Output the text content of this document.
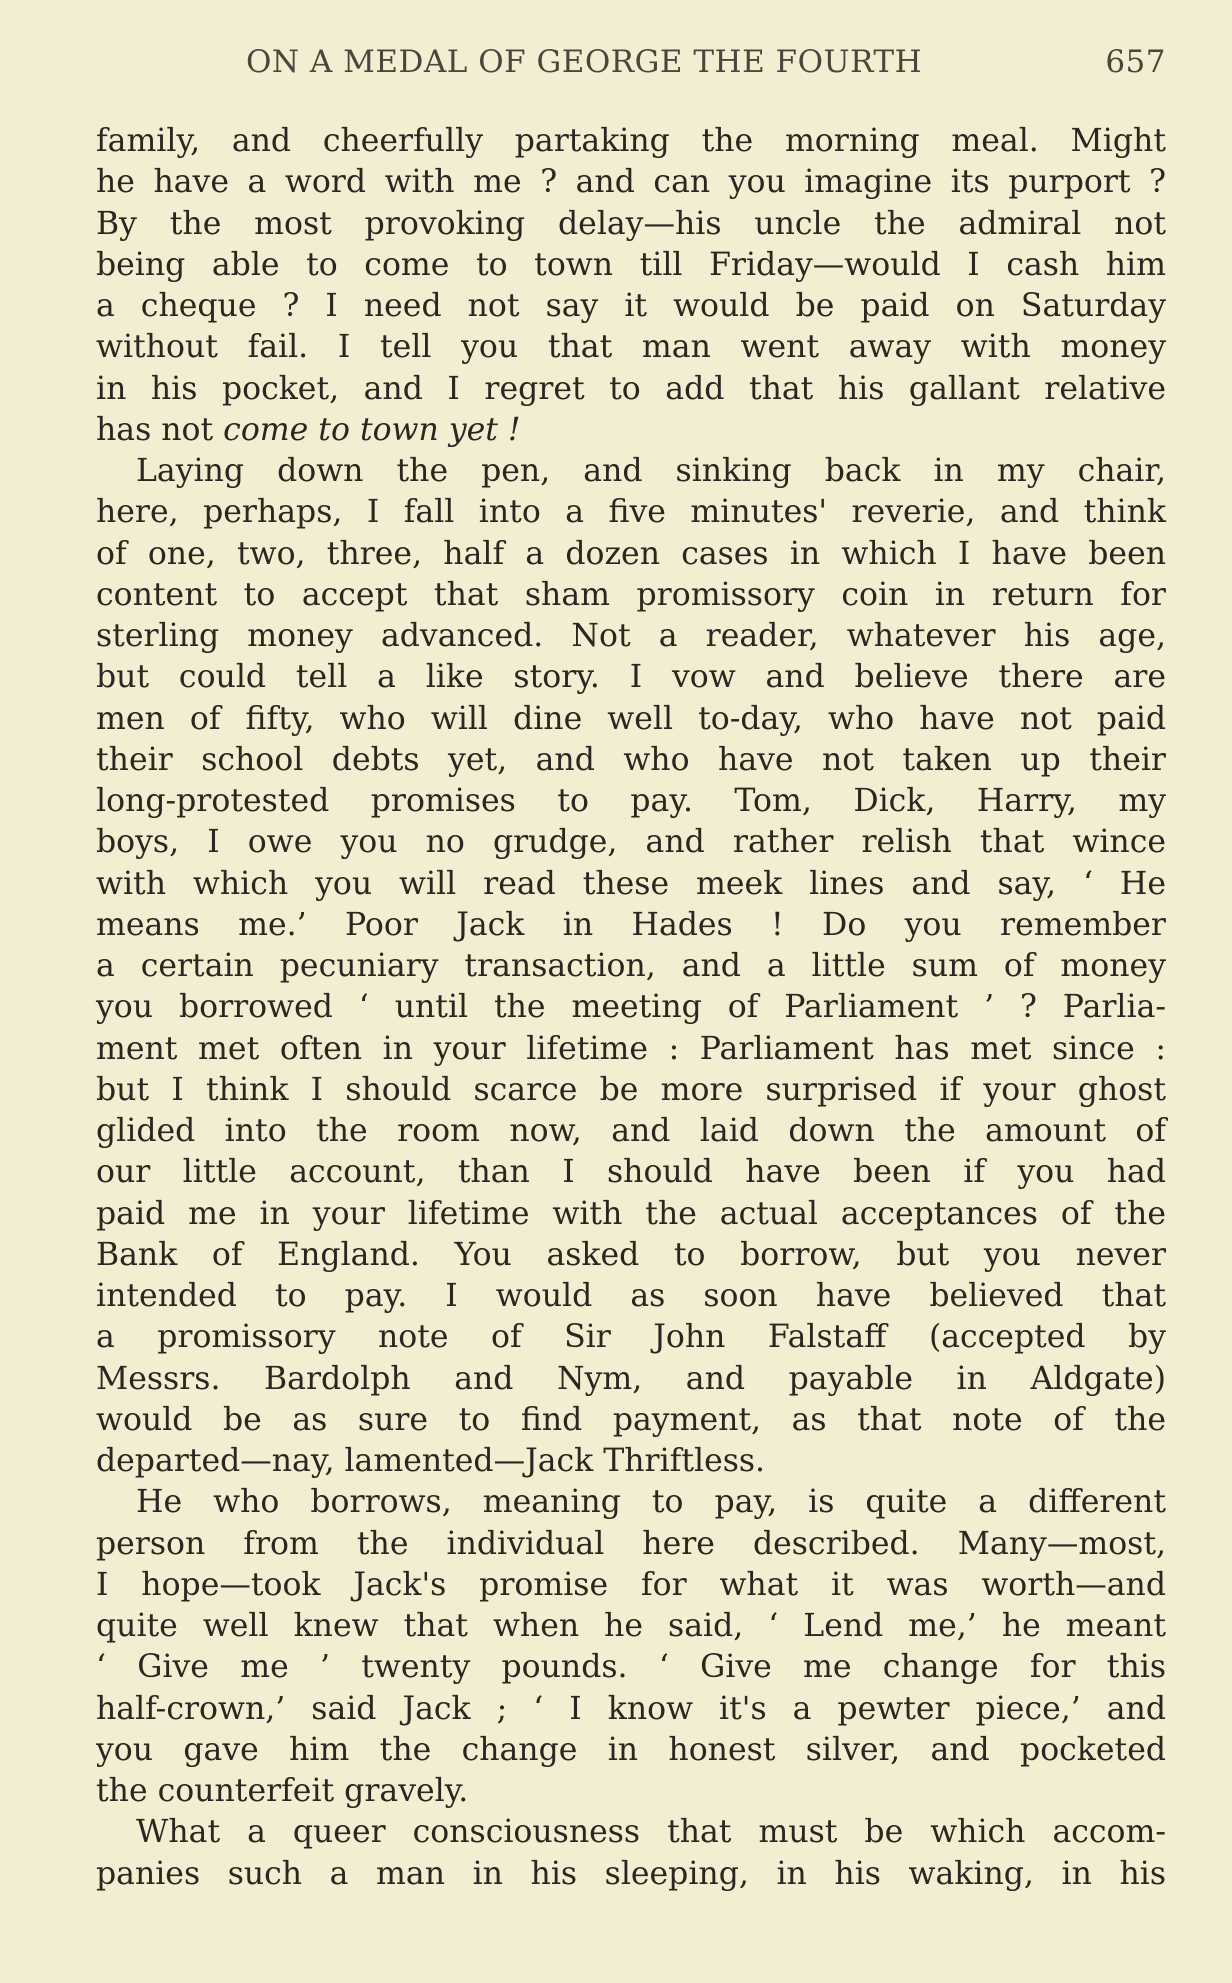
ON A MEDAL OF GEORGE THE FOURTH	657
family, and cheerfully partaking the morning meal. Might
he have a word with me ? and can you imagine its purport ?
By the most provoking delay—his uncle the admiral not
being able to come to town till Friday—would I cash him
a cheque ? I need not say it would be paid on Saturday
without fail. I tell you that man went away with money
in his pocket, and I regret to add that his gallant relative
has not come to town yet !
Laying down the pen, and sinking back in my chair,
here, perhaps, I fall into a five minutes' reverie, and think
of one, two, three, half a dozen cases in which I have been
content to accept that sham promissory coin in return for
sterling money advanced. Not a reader, whatever his age,
but could tell a like story. I vow and believe there are
men of fifty, who will dine well to-day, who have not paid
their school debts yet, and who have not taken up their
long-protested promises to pay. Tom, Dick, Harry, my
boys, I owe you no grudge, and rather relish that wince
with which you will read these meek lines and say, ‘ He
means me.’ Poor Jack in Hades ! Do you remember
a certain pecuniary transaction, and a little sum of money
you borrowed ‘ until the meeting of Parliament ’ ? Parlia-
ment met often in your lifetime : Parliament has met since :
but I think I should scarce be more surprised if your ghost
glided into the room now, and laid down the amount of
our little account, than I should have been if you had
paid me in your lifetime with the actual acceptances of the
Bank of England. You asked to borrow, but you never
intended to pay. I would as soon have believed that
a promissory note of Sir John Falstaff (accepted by
Messrs. Bardolph and Nym, and payable in Aldgate)
would be as sure to find payment, as that note of the
departed—nay, lamented—Jack Thriftless.
He who borrows, meaning to pay, is quite a different
person from the individual here described. Many—most,
I hope—took Jack's promise for what it was worth—and
quite well knew that when he said, ‘ Lend me,’ he meant
‘ Give me ’ twenty pounds. ‘ Give me change for this
half-crown,’ said Jack ; ‘ I know it's a pewter piece,’ and
you gave him the change in honest silver, and pocketed
the counterfeit gravely.
What a queer consciousness that must be which accom-
panies such a man in his sleeping, in his waking, in his
